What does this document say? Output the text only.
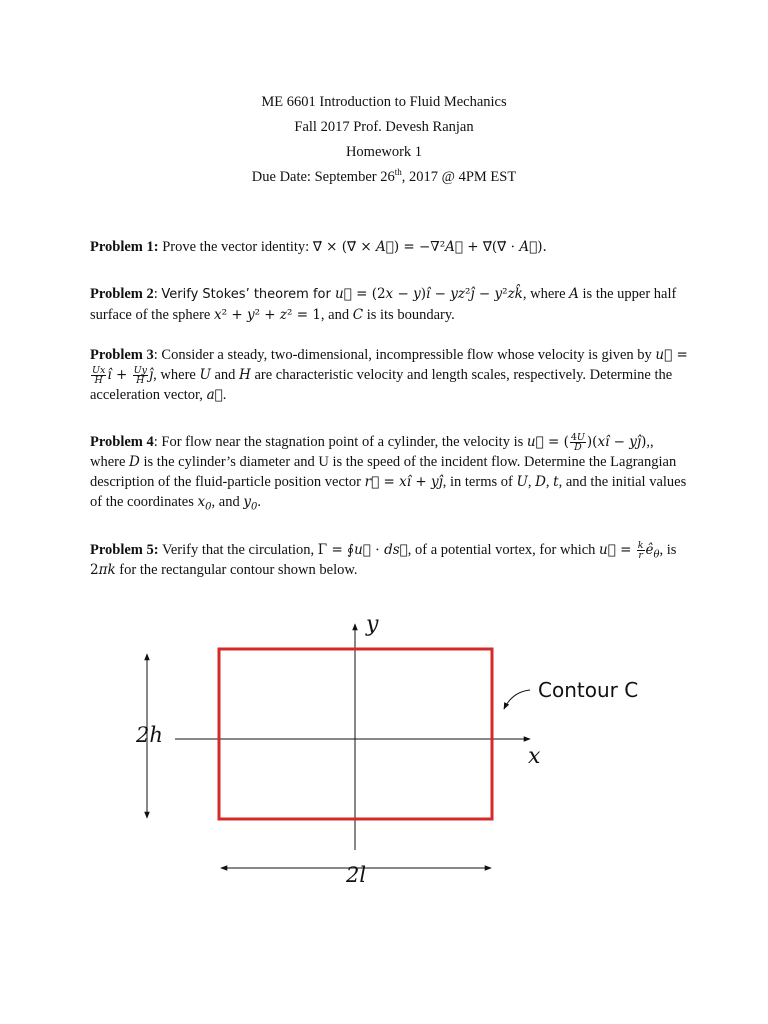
ME 6601 Introduction to Fluid Mechanics
Fall 2017 Prof. Devesh Ranjan
Homework 1
Due Date: September 26th, 2017 @ 4PM EST
Problem 1: Prove the vector identity: ∇⃗ × (∇⃗ × A⃗) = −∇²A⃗ + ∇⃗(∇⃗ ⋅ A⃗).
Problem 2: Verify Stokes’ theorem for u⃗ = (2x − y)î − yz²ĵ − y²zk̂, where A is the upper half surface of the sphere x² + y² + z² = 1, and C is its boundary.
Problem 3: Consider a steady, two-dimensional, incompressible flow whose velocity is given by u⃗ =
$\frac{Ux}{H}$ î + $\frac{Uy}{H}$ ĵ, where U and H are characteristic velocity and length scales, respectively. Determine the acceleration vector, a⃗.
Problem 4: For flow near the stagnation point of a cylinder, the velocity is u⃗ = ( $\frac{4U}{D}$ )(xî − yĵ),, where D is the cylinder’s diameter and U is the speed of the incident flow. Determine the Lagrangian description of the fluid-particle position vector r⃗ = xî + yĵ, in terms of U, D, t, and the initial values of the coordinates $x_0$, and $y_0$.
Problem 5: Verify that the circulation, Γ = ∮u⃗ ⋅ ds⃗, of a potential vortex, for which u⃗ = $\frac{k}{r}$ $ê_\theta$, is 2πk for the rectangular contour shown below.
y
x
Contour C
2h
2l
